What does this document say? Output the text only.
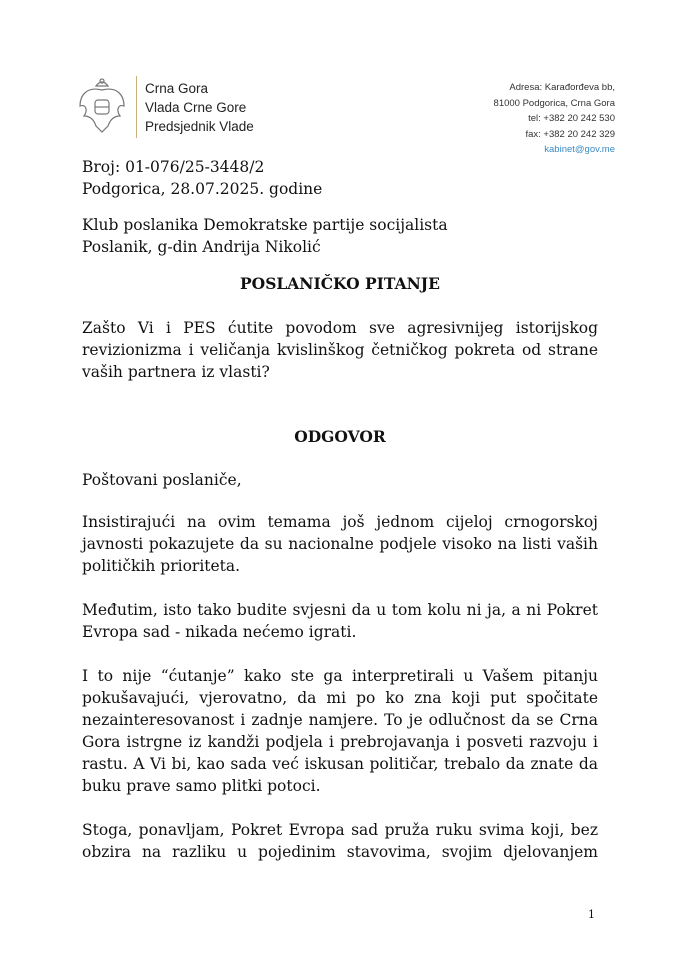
Crna Gora
Vlada Crne Gore
Predsjednik Vlade
Adresa: Karađorđeva bb,
81000 Podgorica, Crna Gora
tel: +382 20 242 530
fax: +382 20 242 329
kabinet@gov.me
Broj: 01-076/25-3448/2
Podgorica, 28.07.2025. godine
Klub poslanika Demokratske partije socijalista
Poslanik, g-din Andrija Nikolić
POSLANIČKO PITANJE
Zašto Vi i PES ćutite povodom sve agresivnijeg istorijskog revizionizma i veličanja kvislinškog četničkog pokreta od strane vaših partnera iz vlasti?
ODGOVOR
Poštovani poslaniče,
Insistirajući na ovim temama još jednom cijeloj crnogorskoj javnosti pokazujete da su nacionalne podjele visoko na listi vaših političkih prioriteta.
Međutim, isto tako budite svjesni da u tom kolu ni ja, a ni Pokret Evropa sad - nikada nećemo igrati.
I to nije “ćutanje” kako ste ga interpretirali u Vašem pitanju pokušavajući, vjerovatno, da mi po ko zna koji put spočitate nezainteresovanost i zadnje namjere. To je odlučnost da se Crna Gora istrgne iz kandži podjela i prebrojavanja i posveti razvoju i rastu. A Vi bi, kao sada već iskusan političar, trebalo da znate da buku prave samo plitki potoci.
Stoga, ponavljam, Pokret Evropa sad pruža ruku svima koji, bez obzira na razliku u pojedinim stavovima, svojim djelovanjem
1
